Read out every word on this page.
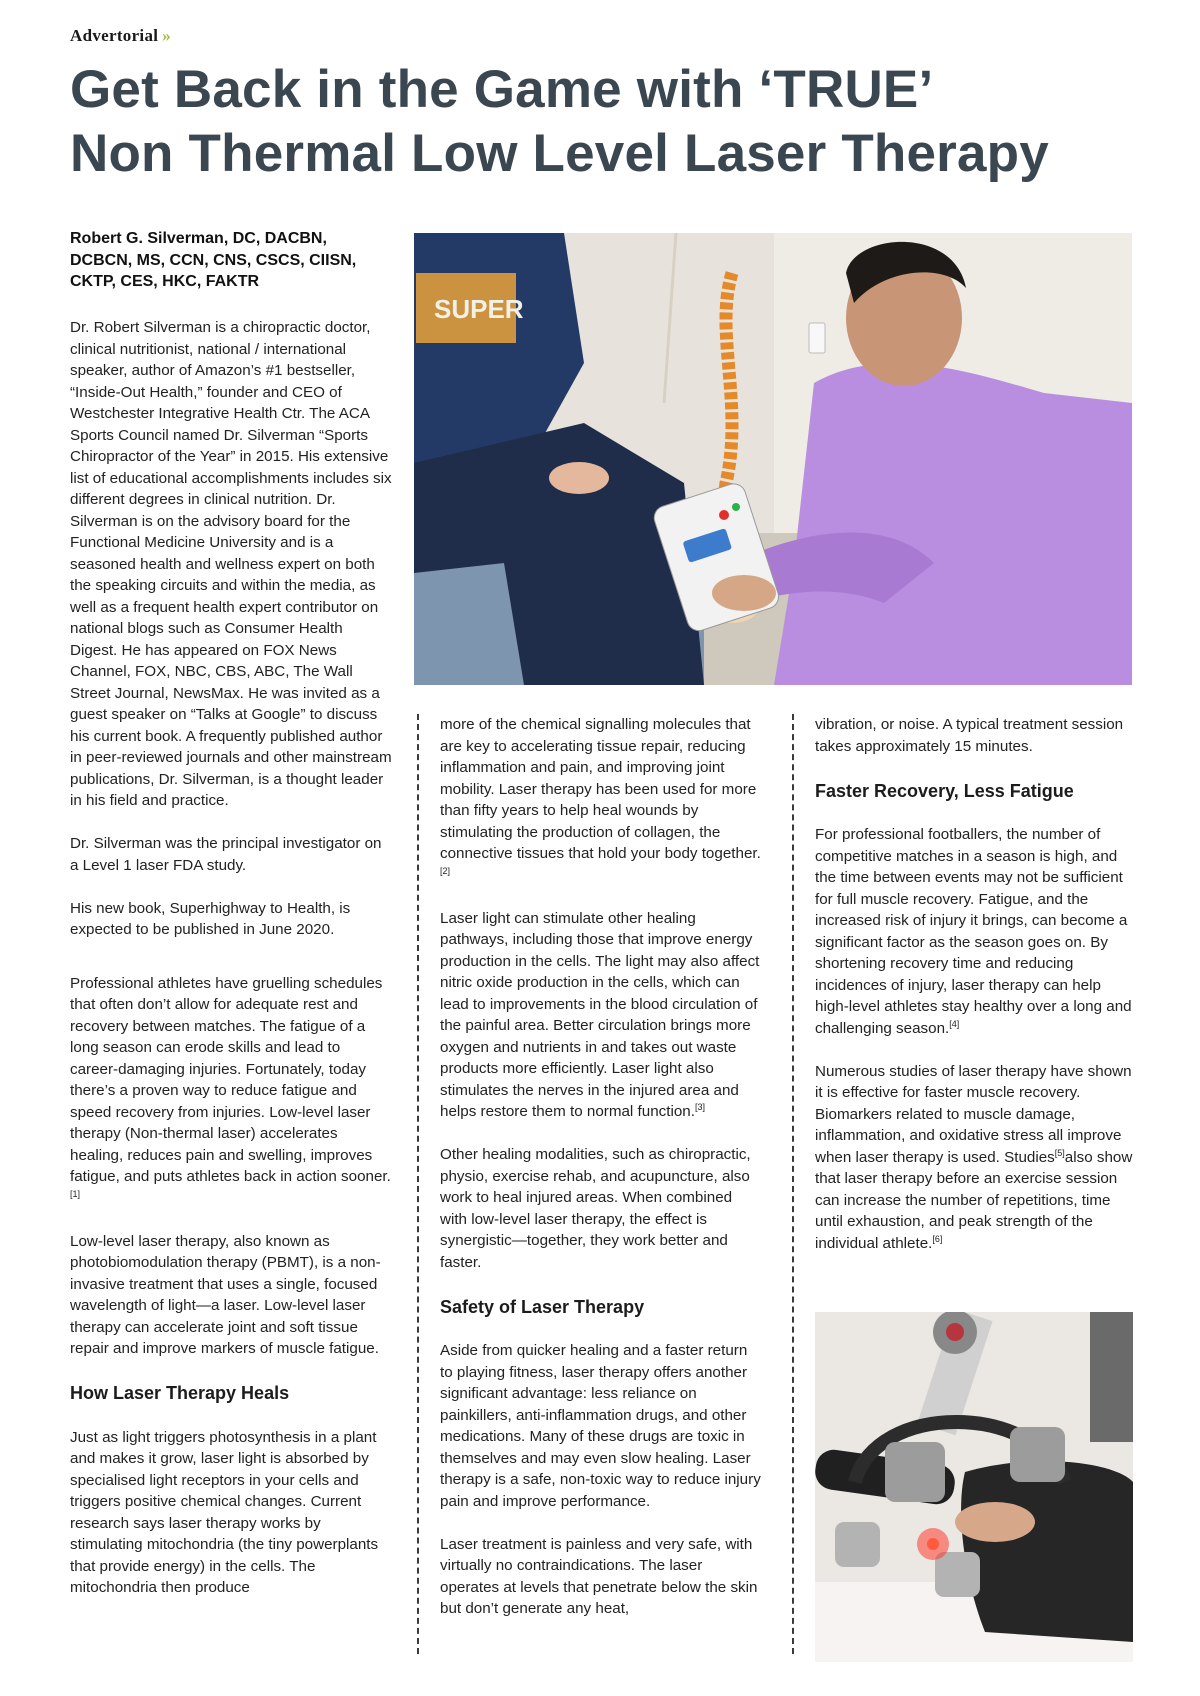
Advertorial »
Get Back in the Game with ‘TRUE’
Non Thermal Low Level Laser Therapy
Robert G. Silverman, DC, DACBN,
DCBCN, MS, CCN, CNS, CSCS, CIISN,
CKTP, CES, HKC, FAKTR

Dr. Robert Silverman is a chiropractic doctor, clinical nutritionist, national / international speaker, author of Amazon’s #1 bestseller, “Inside-Out Health,” founder and CEO of Westchester Integrative Health Ctr. The ACA Sports Council named Dr. Silverman “Sports Chiropractor of the Year” in 2015. His extensive list of educational accomplishments includes six different degrees in clinical nutrition. Dr. Silverman is on the advisory board for the Functional Medicine University and is a seasoned health and wellness expert on both the speaking circuits and within the media, as well as a frequent health expert contributor on national blogs such as Consumer Health Digest. He has appeared on FOX News Channel, FOX, NBC, CBS, ABC, The Wall Street Journal, NewsMax. He was invited as a guest speaker on “Talks at Google” to discuss his current book. A frequently published author in peer-reviewed journals and other mainstream publications, Dr. Silverman, is a thought leader in his field and practice.

Dr. Silverman was the principal investigator on a Level 1 laser FDA study.

His new book, Superhighway to Health, is expected to be published in June 2020.

Professional athletes have gruelling schedules that often don’t allow for adequate rest and recovery between matches. The fatigue of a long season can erode skills and lead to career-damaging injuries. Fortunately, today there’s a proven way to reduce fatigue and speed recovery from injuries. Low-level laser therapy (Non-thermal laser) accelerates healing, reduces pain and swelling, improves fatigue, and puts athletes back in action sooner.[1]

Low-level laser therapy, also known as photobiomodulation therapy (PBMT), is a non-invasive treatment that uses a single, focused wavelength of light—a laser. Low-level laser therapy can accelerate joint and soft tissue repair and improve markers of muscle fatigue.

How Laser Therapy Heals

Just as light triggers photosynthesis in a plant and makes it grow, laser light is absorbed by specialised light receptors in your cells and triggers positive chemical changes. Current research says laser therapy works by stimulating mitochondria (the tiny powerplants that provide energy) in the cells. The mitochondria then produce

more of the chemical signalling molecules that are key to accelerating tissue repair, reducing inflammation and pain, and improving joint mobility. Laser therapy has been used for more than fifty years to help heal wounds by stimulating the production of collagen, the connective tissues that hold your body together.[2]

Laser light can stimulate other healing pathways, including those that improve energy production in the cells. The light may also affect nitric oxide production in the cells, which can lead to improvements in the blood circulation of the painful area. Better circulation brings more oxygen and nutrients in and takes out waste products more efficiently. Laser light also stimulates the nerves in the injured area and helps restore them to normal function.[3]

Other healing modalities, such as chiropractic, physio, exercise rehab, and acupuncture, also work to heal injured areas. When combined with low-level laser therapy, the effect is synergistic—together, they work better and faster.

Safety of Laser Therapy

Aside from quicker healing and a faster return to playing fitness, laser therapy offers another significant advantage: less reliance on painkillers, anti-inflammation drugs, and other medications. Many of these drugs are toxic in themselves and may even slow healing. Laser therapy is a safe, non-toxic way to reduce injury pain and improve performance.

Laser treatment is painless and very safe, with virtually no contraindications. The laser operates at levels that penetrate below the skin but don’t generate any heat,

vibration, or noise. A typical treatment session takes approximately 15 minutes.

Faster Recovery, Less Fatigue

For professional footballers, the number of competitive matches in a season is high, and the time between events may not be sufficient for full muscle recovery. Fatigue, and the increased risk of injury it brings, can become a significant factor as the season goes on. By shortening recovery time and reducing incidences of injury, laser therapy can help high-level athletes stay healthy over a long and challenging season.[4]

Numerous studies of laser therapy have shown it is effective for faster muscle recovery. Biomarkers related to muscle damage, inflammation, and oxidative stress all improve when laser therapy is used. Studies[5]also show that laser therapy before an exercise session can increase the number of repetitions, time until exhaustion, and peak strength of the individual athlete.[6]

SUPER
